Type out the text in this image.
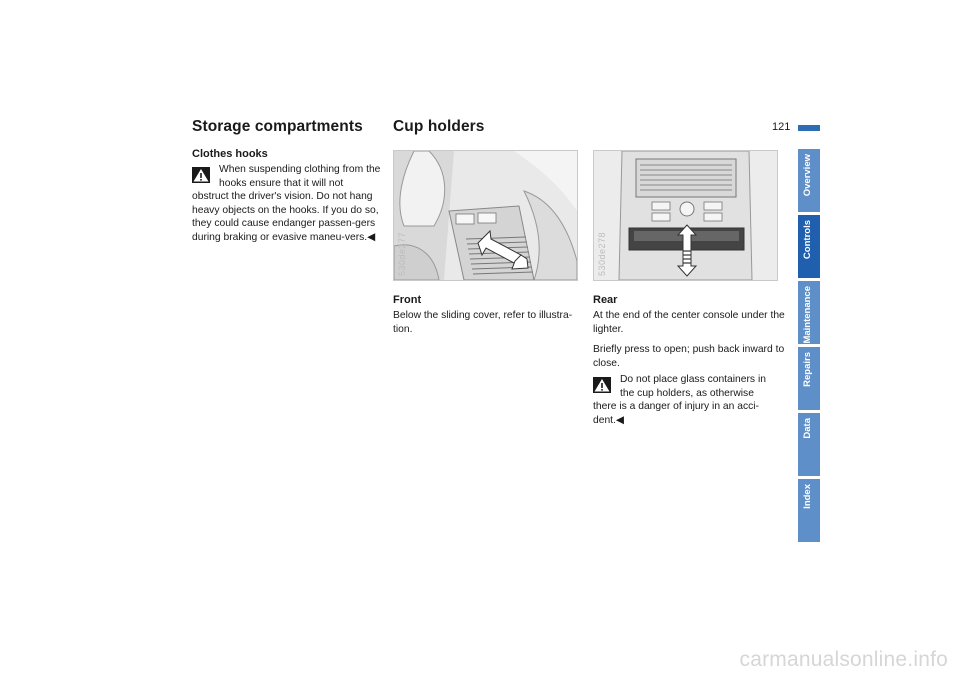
Storage compartments Cup holders	121
Clothes hooks
When suspending clothing from the hooks ensure that it will not
obstruct the driver's vision. Do not hang heavy objects on the hooks. If you do so, they could cause endanger passen-gers during braking or evasive maneu-vers.◀	530de277
Front
Below the sliding cover, refer to illustra-tion.
530de278
Rear

At the end of the center console under the lighter.

Briefly press to open; push back inward to close.

Do not place glass containers in the cup holders, as otherwise
there is a danger of injury in an acci-dent.◀
Overview
Controls
Maintenance
Repairs
Data
Index
carmanualsonline.info
